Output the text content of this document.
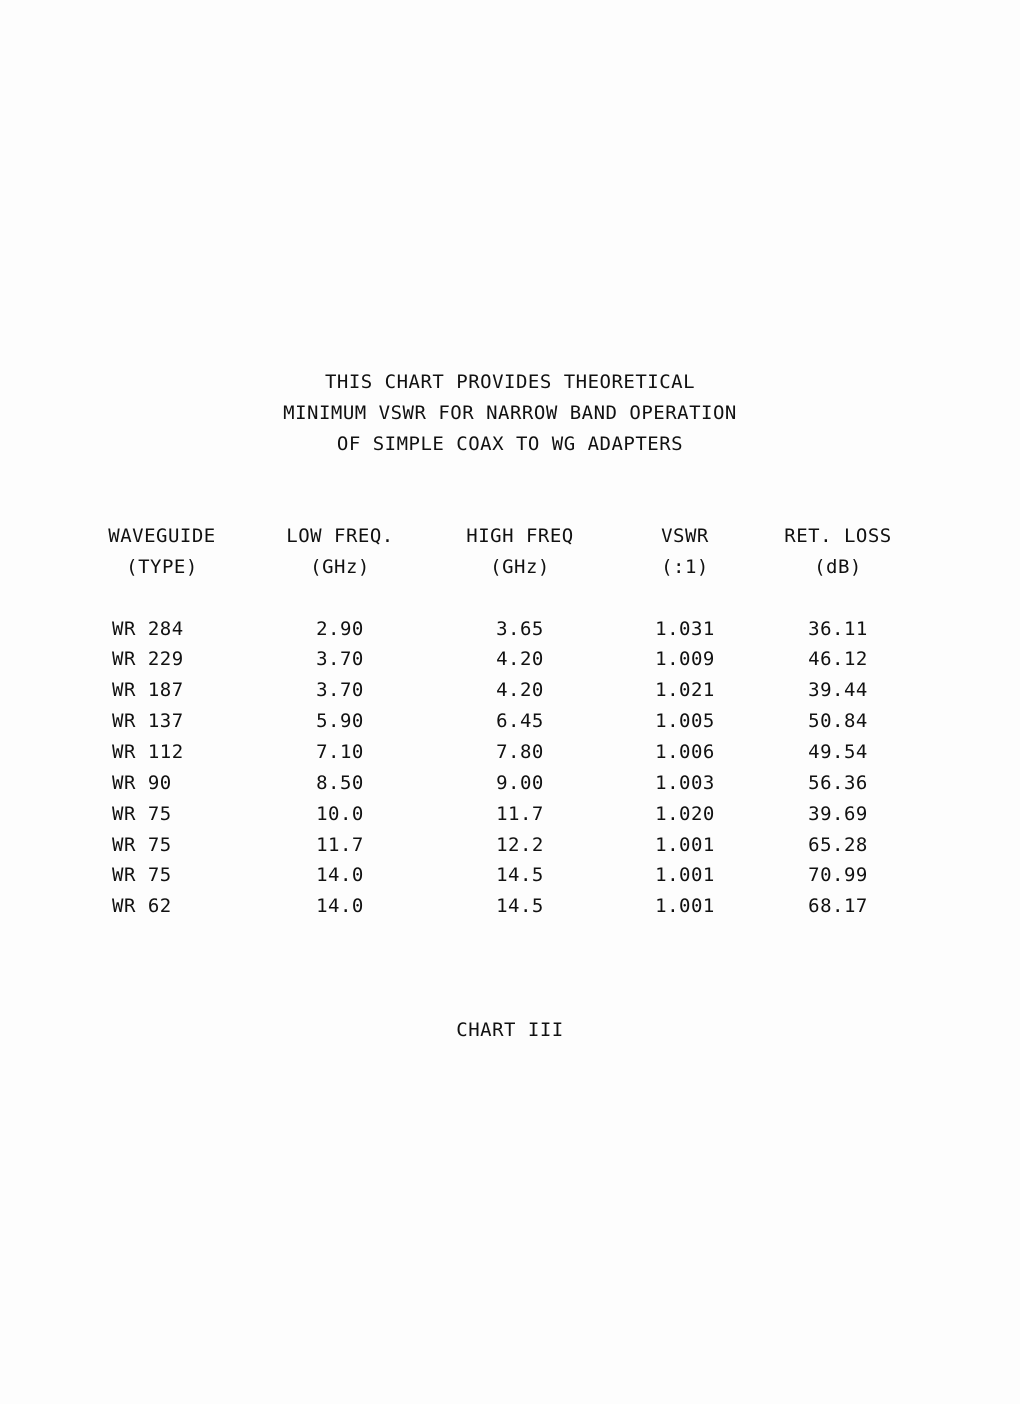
THIS CHART PROVIDES THEORETICAL
MINIMUM VSWR FOR NARROW BAND OPERATION
OF SIMPLE COAX TO WG ADAPTERS
WAVEGUIDE	LOW FREQ.	HIGH FREQ	VSWR	RET. LOSS
(TYPE)	(GHz)	(GHz)	(:1)	(dB)
WR 284	2.90	3.65	1.031	36.11
WR 229	3.70	4.20	1.009	46.12
WR 187	3.70	4.20	1.021	39.44
WR 137	5.90	6.45	1.005	50.84
WR 112	7.10	7.80	1.006	49.54
WR 90	8.50	9.00	1.003	56.36
WR 75	10.0	11.7	1.020	39.69
WR 75	11.7	12.2	1.001	65.28
WR 75	14.0	14.5	1.001	70.99
WR 62	14.0	14.5	1.001	68.17
CHART III
